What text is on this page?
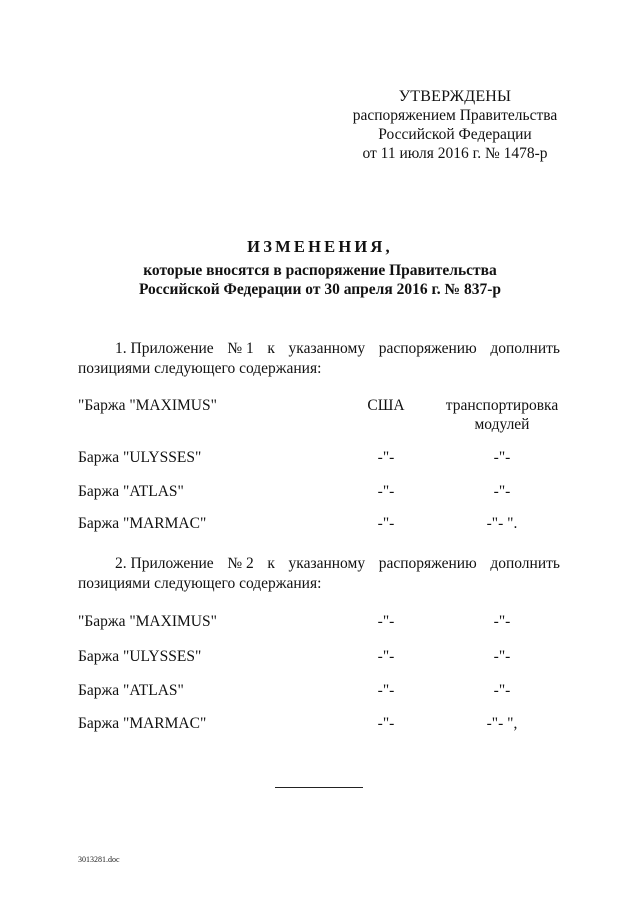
УТВЕРЖДЕНЫ
распоряжением Правительства
Российской Федерации
от 11 июля 2016 г. № 1478-р
ИЗМЕНЕНИЯ,
которые вносятся в распоряжение Правительства
Российской Федерации от 30 апреля 2016 г. № 837-р
1. Приложение № 1 к указанному распоряжению дополнить
позициями следующего содержания:
"Баржа "MAXIMUS"	США	транспортировка модулей
Баржа "ULYSSES"	-"-	-"-
Баржа "ATLAS"	-"-	-"-
Баржа "MARMAC"	-"-	-"- ".
2. Приложение № 2 к указанному распоряжению дополнить
позициями следующего содержания:
"Баржа "MAXIMUS"	-"-	-"-
Баржа "ULYSSES"	-"-	-"-
Баржа "ATLAS"	-"-	-"-
Баржа "MARMAC"	-"-	-"- ",
3013281.doc
